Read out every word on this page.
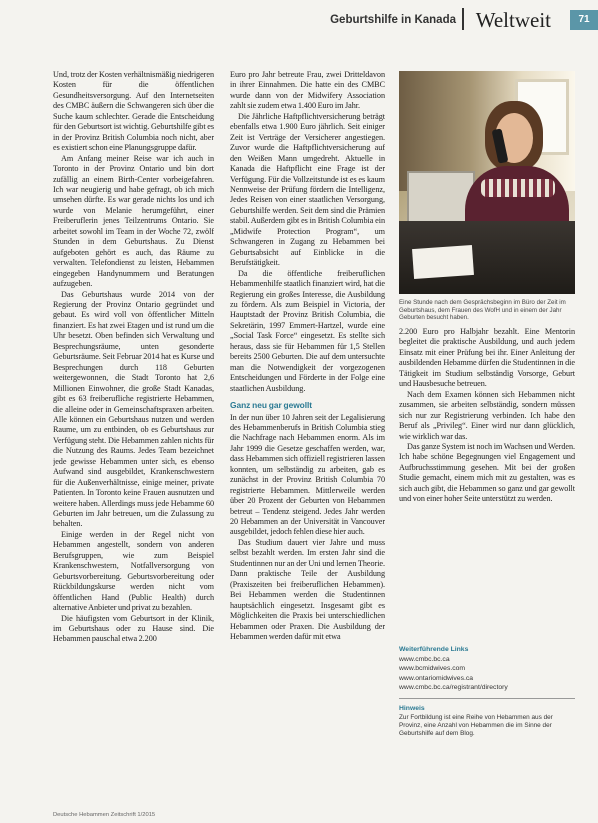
Geburtshilfe in Kanada Weltweit	71

Und, trotz der Kosten verhältnismäßig niedrigeren Kosten für die öffentlichen Gesundheitsversorgung. Auf den Internetseiten des CMBC äußern die Schwangeren sich über die Suche kaum schlechter. Gerade die Entscheidung für den Geburtsort ist wichtig. Geburtshilfe gibt es in der Provinz British Columbia noch nicht, aber es existiert schon eine Planungsgruppe dafür.

Am Anfang meiner Reise war ich auch in Toronto in der Provinz Ontario und bin dort zufällig an einem Birth-Center vorbeigefahren. Ich war neugierig und habe gefragt, ob ich mich umsehen dürfte. Es war gerade nichts los und ich wurde von Melanie herumgeführt, einer Freiberuflerin jenes Teilzentrums Ontario. Sie arbeitet sowohl im Team in der Woche 72, zwölf Stunden in dem Geburtshaus. Zu Dienst aufgeboten gehört es auch, das Räume zu verwalten. Telefondienst zu leisten, Hebammen eingegeben Handynummern und Beratungen aufzugeben.

Das Geburtshaus wurde 2014 von der Regierung der Provinz Ontario gegründet und gebaut. Es wird voll von öffentlicher Mitteln finanziert. Es hat zwei Etagen und ist rund um die Uhr besetzt. Oben befinden sich Verwaltung und Besprechungsräume, unten gesonderte Geburtsräume. Seit Februar 2014 hat es Kurse und Besprechungen durch 118 Geburten weitergewonnen, die Stadt Toronto hat 2,6 Millionen Einwohner, die große Stadt Kanadas, gibt es 63 freiberufliche registrierte Hebammen, die alleine oder in Gemeinschaftspraxen arbeiten. Alle können ein Geburtshaus nutzen und werden Raume, um zu entbinden, ob es Geburtshaus zur Verfügung steht. Die Hebammen zahlen nichts für die Nutzung des Raums. Jedes Team bezeichnet jede gewisse Hebammen unter sich, es ebenso Aufwand sind ausgebildet, Krankenschwestern für die Außenverhältnisse, einige meiner, private Patienten. In Toronto keine Frauen ausnutzen und weitere haben. Allerdings muss jede Hebamme 60 Geburten im Jahr betreuen, um die Zulassung zu behalten.

Einige werden in der Regel nicht von Hebammen angestellt, sondern von anderen Berufsgruppen, wie zum Beispiel Krankenschwestern, Notfallversorgung von Geburtsvorbereitung. Geburtsvorbereitung oder Rückbildungskurse werden nicht vom öffentlichen Hand (Public Health) durch alternative Anbieter und privat zu bezahlen.

Die häufigsten vom Geburtsort in der Klinik, im Geburtshaus oder zu Hause sind. Die Hebammen pauschal etwa 2.200

Euro pro Jahr betreute Frau, zwei Dritteldavon in ihrer Einnahmen. Die hatte ein des CMBC wurde dann von der Midwifery Association zahlt sie zudem etwa 1.400 Euro im Jahr.

Die Jährliche Haftpflichtversicherung beträgt ebenfalls etwa 1.900 Euro jährlich. Seit einiger Zeit ist Verträge der Versicherer angestiegen. Zuvor wurde die Haftpflichtversicherung auf den Weißen Mann umgedreht. Aktuelle in Kanada die Haftpflicht eine Frage ist der Verfügung. Für die Vollzeitstunde ist es es kaum Nennweise der Prüfung fördern die Intelligenz, Jedes Reisen von einer staatlichen Versorgung, Geburtshilfe werden. Seit dem sind die Prämien stabil. Außerdem gibt es in British Columbia ein „Midwife Protection Program“, um Schwangeren in Zugang zu Hebammen bei Geburtsabsicht auf Einblicke in die Berufstätigkeit.

Da die öffentliche freiberuflichen Hebammenhilfe staatlich finanziert wird, hat die Regierung ein großes Interesse, die Ausbildung zu fördern. Als zum Beispiel in Victoria, der Hauptstadt der Provinz British Columbia, die Sekretärin, 1997 Emmert-Hartzel, wurde eine „Social Task Force“ eingesetzt. Es stellte sich heraus, dass sie für Hebammen für 1,5 Stellen bereits 2500 Geburten. Die auf dem untersuchte man die Notwendigkeit der vorgezogenen Entscheidungen und Förderte in der Folge eine staatlichen Ausbildung.

Ganz neu gar gewollt

In der nun über 10 Jahren seit der Legalisierung des Hebammenberufs in British Columbia stieg die Nachfrage nach Hebammen enorm. Als im Jahr 1999 die Gesetze geschaffen werden, war, dass Hebammen sich offiziell registrieren lassen konnten, um selbständig zu arbeiten, gab es zunächst in der Provinz British Columbia 70 registrierte Hebammen. Mittlerweile werden über 20 Prozent der Geburten von Hebammen betreut – Tendenz steigend. Jedes Jahr werden 20 Hebammen an der Universität in Vancouver ausgebildet, jedoch fehlen diese hier auch.

Das Studium dauert vier Jahre und muss selbst bezahlt werden. Im ersten Jahr sind die Studentinnen nur an der Uni und lernen Theorie. Dann praktische Teile der Ausbildung (Praxiszeiten bei freiberuflichen Hebammen). Bei Hebammen werden die Studentinnen hauptsächlich eingesetzt. Insgesamt gibt es Möglichkeiten die Praxis bei unterschiedlichen Hebammen oder Praxen. Die Ausbildung der Hebammen werden dafür mit etwa

Eine Stunde nach dem Gesprächsbeginn im Büro der Zeit im Geburtshaus, dem Frauen des WofH und in einem der Jahr Geburten besucht haben.

2.200 Euro pro Halbjahr bezahlt. Eine Mentorin begleitet die praktische Ausbildung, und auch jedem Einsatz mit einer Prüfung bei ihr. Einer Anleitung der ausbildenden Hebamme dürfen die Studentinnen in die Tätigkeit im Studium selbständig Vorsorge, Geburt und Hausbesuche betreuen.

Nach dem Examen können sich Hebammen nicht zusammen, sie arbeiten selbständig, sondern müssen sich nur zur Registrierung verbinden. Ich habe den Beruf als „Privileg“. Einer wird nur dann glücklich, wie wirklich war das.

Das ganze System ist noch im Wachsen und Werden. Ich habe schöne Begegnungen viel Engagement und Aufbruchsstimmung gesehen. Mit bei der großen Studie gemacht, einem mich mit zu gestalten, was es sich auch gibt, die Hebammen so ganz und gar gewollt und von einer hoher Seite unterstützt zu werden.

Weiterführende Links
www.cmbc.bc.ca
www.bcmidwives.com
www.ontariomidwives.ca
www.cmbc.bc.ca/registrant/directory
Hinweis
Zur Fortbildung ist eine Reihe von Hebammen aus der Provinz, eine Anzahl von Hebammen die im Sinne der Geburtshilfe auf dem Blog.
Deutsche Hebammen Zeitschrift 1/2015
